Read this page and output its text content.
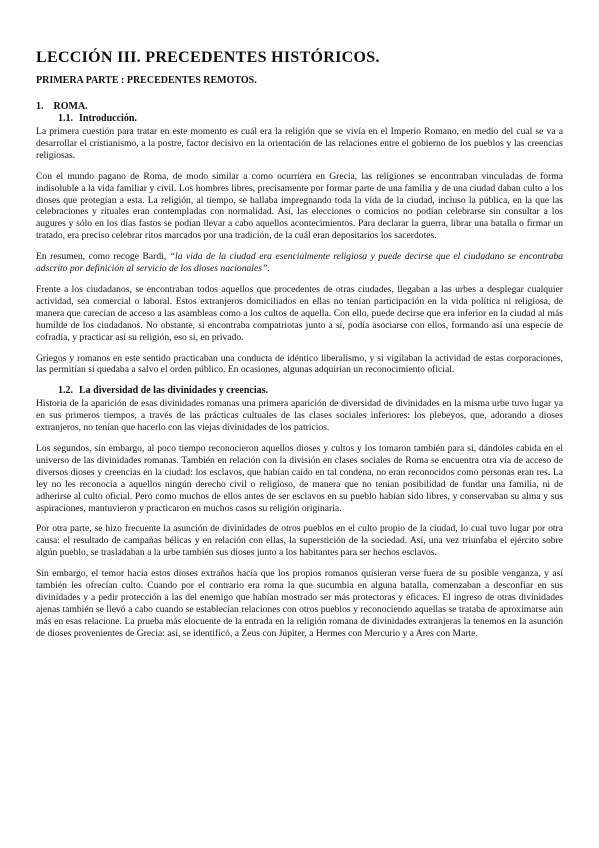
LECCIÓN III. PRECEDENTES HISTÓRICOS.
PRIMERA PARTE : PRECEDENTES REMOTOS.
1. ROMA.
1.1. Introducción.

La primera cuestión para tratar en este momento es cuál era la religión que se vivía en el Imperio Romano, en medio del cual se va a desarrollar el cristianismo, a la postre, factor decisivo en la orientación de las relaciones entre el gobierno de los pueblos y las creencias religiosas.

Con el mundo pagano de Roma, de modo similar a como ocurriera en Grecia, las religiones se encontraban vinculadas de forma indisoluble a la vida familiar y civil. Los hombres libres, precisamente por formar parte de una familia y de una ciudad daban culto a los dioses que protegían a esta. La religión, al tiempo, se hallaba impregnando toda la vida de la ciudad, incluso la pública, en la que las celebraciones y rituales eran contempladas con normalidad. Así, las elecciones o comicios no podían celebrarse sin consultar a los augures y sólo en los días fastos se podían llevar a cabo aquellos acontecimientos. Para declarar la guerra, librar una batalla o firmar un tratado, era preciso celebrar ritos marcados por una tradición, de la cuál eran depositarios los sacerdotes.

En resumen, como recoge Bardi, “la vida de la ciudad era esencialmente religiosa y puede decirse que el ciudadano se encontraba adscrito por definición al servicio de los dioses nacionales”.

Frente a los ciudadanos, se encontraban todos aquellos que procedentes de otras ciudades, llegaban a las urbes a desplegar cualquier actividad, sea comercial o laboral. Estos extranjeros domiciliados en ellas no tenían participación en la vida política ni religiosa, de manera que carecían de acceso a las asambleas como a los cultos de aquella. Con ello, puede decirse que era inferior en la ciudad al más humilde de los ciudadanos. No obstante, si encontraba compatriotas junto a sí, podía asociarse con ellos, formando así una especie de cofradía, y practicar así su religión, eso sí, en privado.

Griegos y romanos en este sentido practicaban una conducta de idéntico liberalismo, y si vigilaban la actividad de estas corporaciones, las permitían si quedaba a salvo el orden público. En ocasiones, algunas adquirían un reconocimiento oficial.

1.2. La diversidad de las divinidades y creencias.

Historia de la aparición de esas divinidades romanas una primera aparición de diversidad de divinidades en la misma urbe tuvo lugar ya en sus primeros tiempos, a través de las prácticas cultuales de las clases sociales inferiores: los plebeyos, que, adorando a dioses extranjeros, no tenían que hacerlo con las viejas divinidades de los patricios.

Los segundos, sin embargo, al poco tiempo reconocieron aquellos dioses y cultos y los tomaron también para sí, dándoles cabida en el universo de las divinidades romanas. También en relación con la división en clases sociales de Roma se encuentra otra vía de acceso de diversos dioses y creencias en la ciudad: los esclavos, que habían caído en tal condena, no eran reconocidos como personas eran res. La ley no les reconocía a aquellos ningún derecho civil o religioso, de manera que no tenían posibilidad de fundar una familia, ni de adherirse al culto oficial. Pero como muchos de ellos antes de ser esclavos en su pueblo habían sido libres, y conservaban su alma y sus aspiraciones, mantuvieron y practicaron en muchos casos su religión originaria.

Por otra parte, se hizo frecuente la asunción de divinidades de otros pueblos en el culto propio de la ciudad, lo cual tuvo lugar por otra causa: el resultado de campañas bélicas y en relación con ellas, la superstición de la sociedad. Así, una vez triunfaba el ejército sobre algún pueblo, se trasladaban a la urbe también sus dioses junto a los habitantes para ser hechos esclavos.

Sin embargo, el temor hacia estos dioses extraños hacía que los propios romanos quisieran verse fuera de su posible venganza, y así también les ofrecían culto. Cuando por el contrario era roma la que sucumbía en alguna batalla, comenzaban a desconfiar en sus divinidades y a pedir protección a las del enemigo que habían mostrado ser más protectoras y eficaces. El ingreso de otras divinidades ajenas también se llevó a cabo cuando se establecían relaciones con otros pueblos y reconociendo aquellas se trataba de aproximarse aún más en esas relacione. La prueba más elocuente de la entrada en la religión romana de divinidades extranjeras la tenemos en la asunción de dioses provenientes de Grecia: así, se identificó, a Zeus con Júpiter, a Hermes con Mercurio y a Ares con Marte.
